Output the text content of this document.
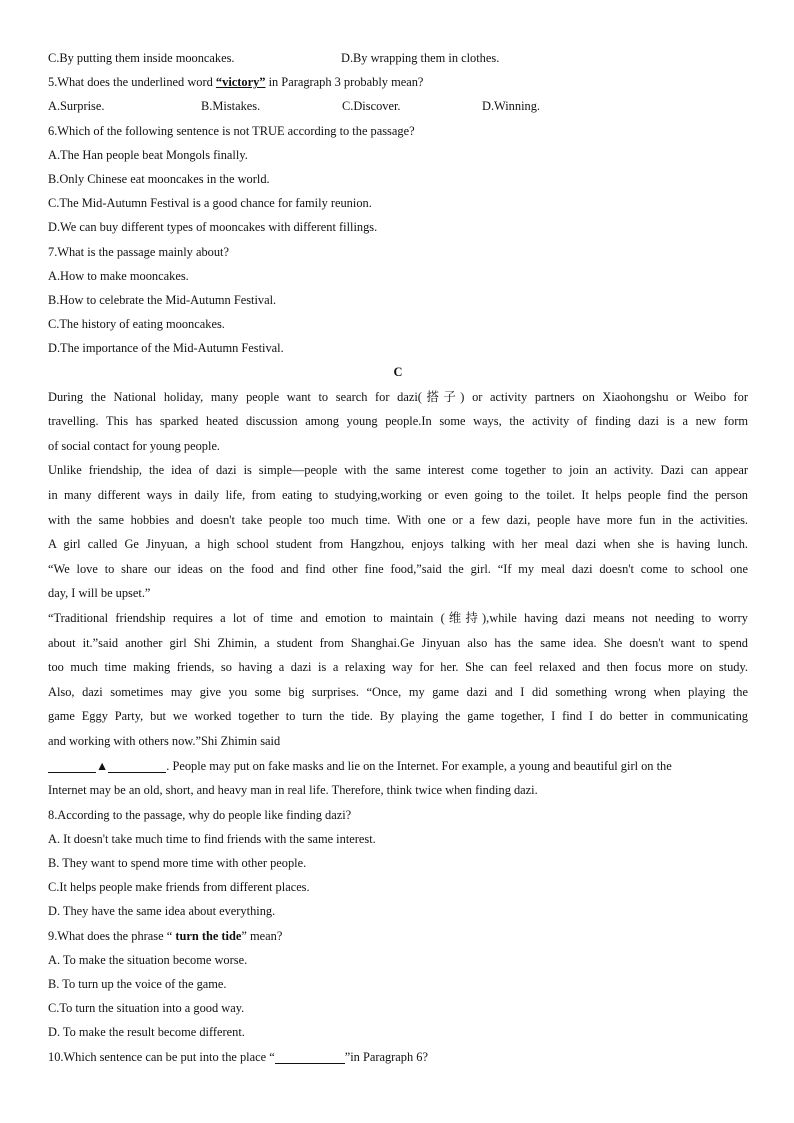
C.By putting them inside mooncakes.	D.By wrapping them in clothes.
5.What does the underlined word “victory” in Paragraph 3 probably mean?
A.Surprise.	B.Mistakes.	C.Discover.	D.Winning.
6.Which of the following sentence is not TRUE according to the passage?
A.The Han people beat Mongols finally.
B.Only Chinese eat mooncakes in the world.
C.The Mid-Autumn Festival is a good chance for family reunion.
D.We can buy different types of mooncakes with different fillings.
7.What is the passage mainly about?
A.How to make mooncakes.
B.How to celebrate the Mid-Autumn Festival.
C.The history of eating mooncakes.
D.The importance of the Mid-Autumn Festival.
C
During the National holiday, many people want to search for dazi(搭子) or activity partners on Xiaohongshu or Weibo for
travelling. This has sparked heated discussion among young people.In some ways, the activity of finding dazi is a new form
of social contact for young people.
Unlike friendship, the idea of dazi is simple—people with the same interest come together to join an activity. Dazi can appear
in many different ways in daily life, from eating to studying,working or even going to the toilet. It helps people find the person
with the same hobbies and doesn't take people too much time. With one or a few dazi, people have more fun in the activities.
A girl called Ge Jinyuan, a high school student from Hangzhou, enjoys talking with her meal dazi when she is having lunch.
“We love to share our ideas on the food and find other fine food,”said the girl. “If my meal dazi doesn't come to school one
day, I will be upset.”
“Traditional friendship requires a lot of time and emotion to maintain (维持),while having dazi means not needing to worry
about it.”said another girl Shi Zhimin, a student from Shanghai.Ge Jinyuan also has the same idea. She doesn't want to spend
too much time making friends, so having a dazi is a relaxing way for her. She can feel relaxed and then focus more on study.
Also, dazi sometimes may give you some big surprises. “Once, my game dazi and I did something wrong when playing the
game Eggy Party, but we worked together to turn the tide. By playing the game together, I find I do better in communicating
and working with others now.”Shi Zhimin said
▲	. People may put on fake masks and lie on the Internet. For example, a young and beautiful girl on the
Internet may be an old, short, and heavy man in real life. Therefore, think twice when finding dazi.
8.According to the passage, why do people like finding dazi?
A. It doesn't take much time to find friends with the same interest.
B. They want to spend more time with other people.
C.It helps people make friends from different places.
D. They have the same idea about everything.
9.What does the phrase “ turn the tide” mean?
A. To make the situation become worse.
B. To turn up the voice of the game.
C.To turn the situation into a good way.
D. To make the result become different.
10.Which sentence can be put into the place “	”in Paragraph 6?
